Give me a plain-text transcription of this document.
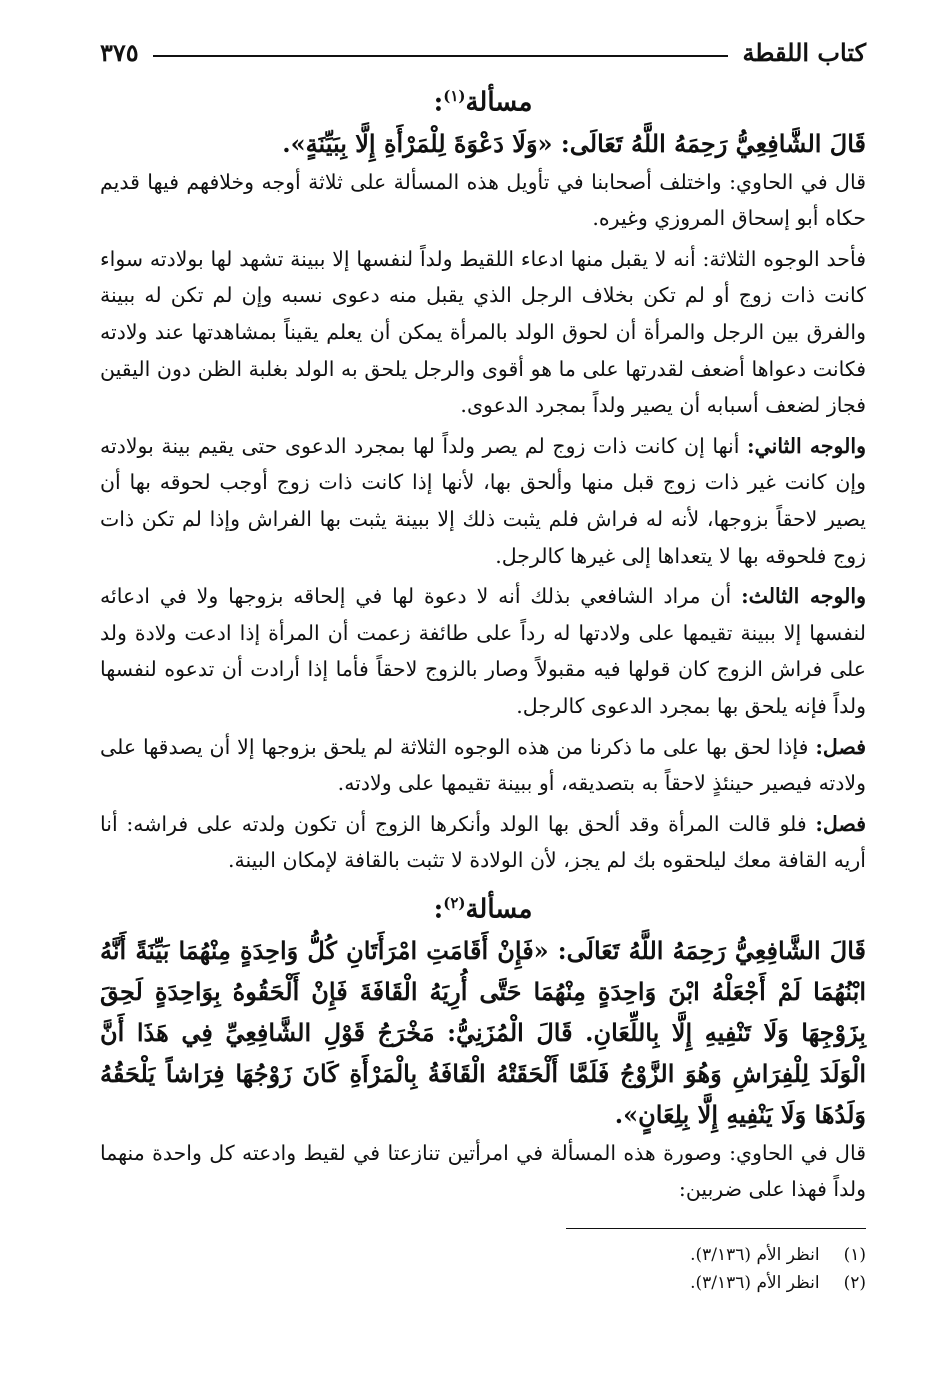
كتاب اللقطة
٣٧٥
مسألة$^{(١)}$:

قَالَ الشَّافِعِيُّ رَحِمَهُ اللَّهُ تَعَالَى: «وَلَا دَعْوَةَ لِلْمَرْأَةِ إِلَّا بِبَيِّنَةٍ».

قال في الحاوي: واختلف أصحابنا في تأويل هذه المسألة على ثلاثة أوجه وخلافهم فيها قديم حكاه أبو إسحاق المروزي وغيره.

فأحد الوجوه الثلاثة: أنه لا يقبل منها ادعاء اللقيط ولداً لنفسها إلا ببينة تشهد لها بولادته سواء كانت ذات زوج أو لم تكن بخلاف الرجل الذي يقبل منه دعوى نسبه وإن لم تكن له ببينة والفرق بين الرجل والمرأة أن لحوق الولد بالمرأة يمكن أن يعلم يقيناً بمشاهدتها عند ولادته فكانت دعواها أضعف لقدرتها على ما هو أقوى والرجل يلحق به الولد بغلبة الظن دون اليقين فجاز لضعف أسبابه أن يصير ولداً بمجرد الدعوى.

والوجه الثاني: أنها إن كانت ذات زوج لم يصر ولداً لها بمجرد الدعوى حتى يقيم بينة بولادته وإن كانت غير ذات زوج قبل منها وألحق بها، لأنها إذا كانت ذات زوج أوجب لحوقه بها أن يصير لاحقاً بزوجها، لأنه له فراش فلم يثبت ذلك إلا ببينة يثبت بها الفراش وإذا لم تكن ذات زوج فلحوقه بها لا يتعداها إلى غيرها كالرجل.

والوجه الثالث: أن مراد الشافعي بذلك أنه لا دعوة لها في إلحاقه بزوجها ولا في ادعائه لنفسها إلا ببينة تقيمها على ولادتها له رداً على طائفة زعمت أن المرأة إذا ادعت ولادة ولد على فراش الزوج كان قولها فيه مقبولاً وصار بالزوج لاحقاً فأما إذا أرادت أن تدعوه لنفسها ولداً فإنه يلحق بها بمجرد الدعوى كالرجل.

فصل: فإذا لحق بها على ما ذكرنا من هذه الوجوه الثلاثة لم يلحق بزوجها إلا أن يصدقها على ولادته فيصير حينئذٍ لاحقاً به بتصديقه، أو ببينة تقيمها على ولادته.

فصل: فلو قالت المرأة وقد ألحق بها الولد وأنكرها الزوج أن تكون ولدته على فراشه: أنا أريه القافة معك ليلحقوه بك لم يجز، لأن الولادة لا تثبت بالقافة لإمكان البينة.

مسألة$^{(٢)}$:

قَالَ الشَّافِعِيُّ رَحِمَهُ اللَّهُ تَعَالَى: «فَإِنْ أَقَامَتِ امْرَأَتَانِ كُلُّ وَاحِدَةٍ مِنْهُمَا بَيِّنَةً أَنَّهُ ابْنُهُمَا لَمْ أَجْعَلْهُ ابْنَ وَاحِدَةٍ مِنْهُمَا حَتَّى أُرِيَهُ الْقَافَةَ فَإِنْ أَلْحَقُوهُ بِوَاحِدَةٍ لَحِقَ بِزَوْجِهَا وَلَا تَنْفِيهِ إِلَّا بِاللِّعَانِ. قَالَ الْمُزَنِيُّ: مَخْرَجُ قَوْلِ الشَّافِعِيِّ فِي هَذَا أَنَّ الْوَلَدَ لِلْفِرَاشِ وَهُوَ الزَّوْجُ فَلَمَّا أَلْحَقَتْهُ الْقَافَةُ بِالْمَرْأَةِ كَانَ زَوْجُهَا فِرَاشاً يَلْحَقُهُ وَلَدُهَا وَلَا يَنْفِيهِ إِلَّا بِلِعَانٍ».

قال في الحاوي: وصورة هذه المسألة في امرأتين تنازعتا في لقيط وادعته كل واحدة منهما ولداً فهذا على ضربين:

(١)
انظر الأم (٣/١٣٦).
(٢)
انظر الأم (٣/١٣٦).
